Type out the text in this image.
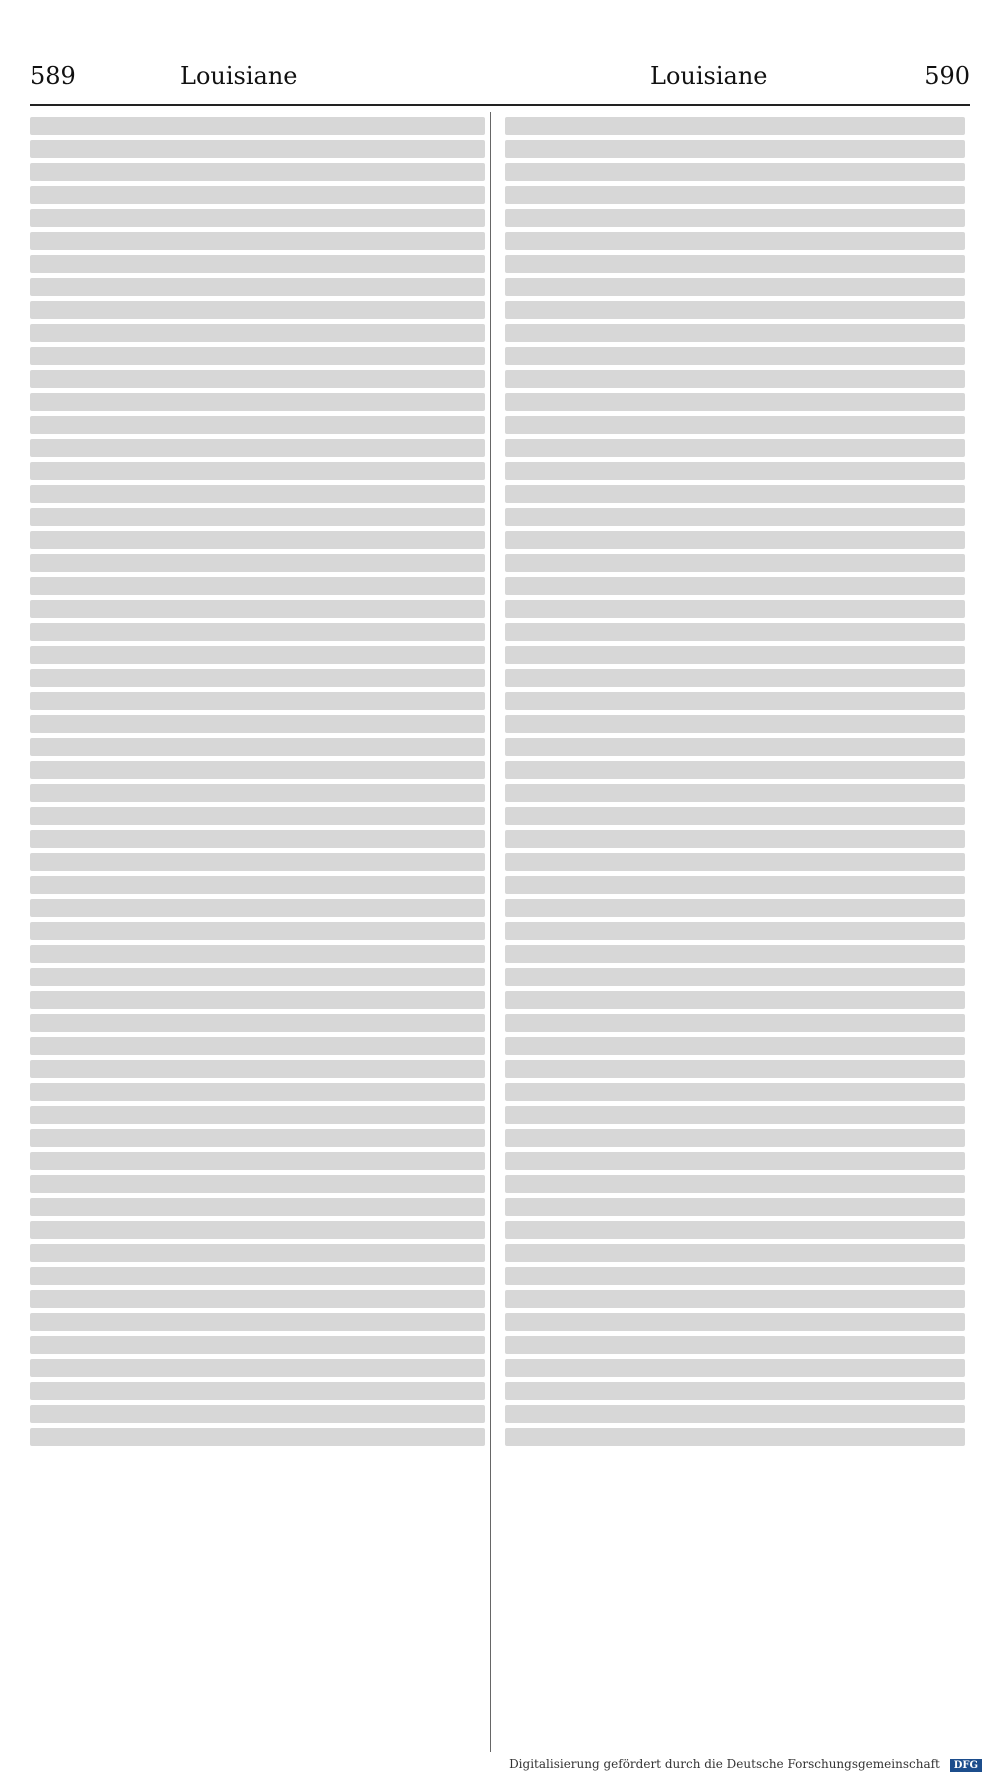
589	Louisiane	Louisiane	590
Digitalisierung gefördert durch die Deutsche Forschungsgemeinschaft DFG
